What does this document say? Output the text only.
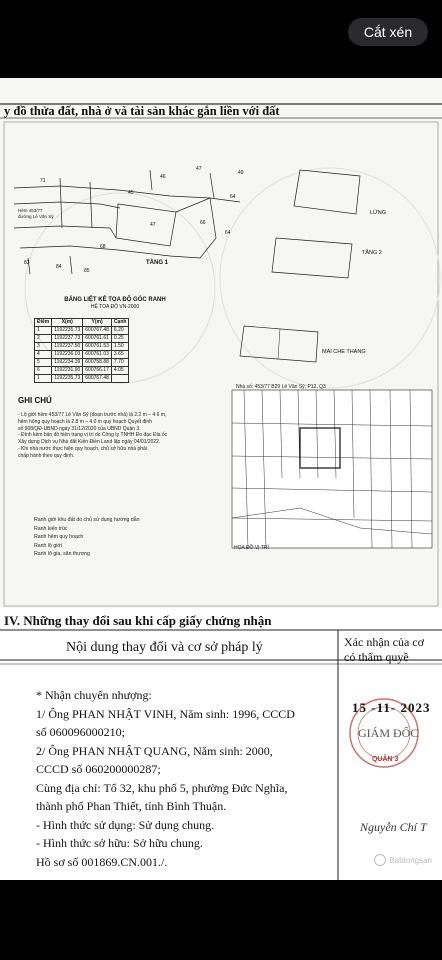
Cắt xén
71
45
46
47
49
47
68
66
64
83
84
85
64
Hẻm 453/77
đường Lê Văn Sỹ
TẦNG 1
LỬNG
TẦNG 2
MÁI CHE THANG
y đồ thửa đất, nhà ở và tài sản khác gắn liền với đất
BẢNG LIỆT KÊ TỌA ĐỘ GÓC RANH
HỆ TỌA ĐỘ VN-2000
Điểm	X(m)	Y(m)	Cạnh
1	1192235.73	600767.48	6.20
2	1192237.73	600761.61	0.25
3	1192237.50	600761.53	1.50
4	1192236.03	600761.03	3.65
5	1192234.39	600758.88	7.70
6	1192231.90	600766.17	4.05
1	1192235.73	600767.48	
GHI CHÚ
- Lộ giới hẻm 453/77 Lê Văn Sỹ (đoạn trước nhà) là 2.2 m – 4.6 m,
hẻm hông quy hoạch là 2.8 m – 4.0 m quy hoạch Quyết định
số 908/QĐ-UBND ngày 31/12/2020 của UBND Quận 3.
- Đính kèm bản đồ hiện trạng vị trí do Công ty TNHH Đo đạc Địa ốc
Xây dựng Dịch vụ Nhà đất Kiến Điền Land lập ngày 04/01/2022.
- Khi nhà nước thực hiện quy hoạch, chủ sở hữu nhà phải
chấp hành theo quy định.
Ranh giới khu đất do chủ sử dụng hướng dẫn
Ranh kiến trúc
Ranh hẻm quy hoạch
Ranh lộ giới
Ranh lô gia, sân thượng
Nhà số: 453/77 B29 Lê Văn Sỹ, P12, Q3
HỌA ĐỒ VỊ TRÍ
IV. Những thay đổi sau khi cấp giấy chứng nhận
Nội dung thay đổi và cơ sở pháp lý	Xác nhận của cơ
có thẩm quyề
* Nhận chuyển nhượng:
1/ Ông PHAN NHẬT VINH, Năm sinh: 1996, CCCD
số 060096000210;
2/ Ông PHAN NHẬT QUANG, Năm sinh: 2000,
CCCD số 060200000287;
Cùng địa chỉ: Tổ 32, khu phố 5, phường Đức Nghĩa,
thành phố Phan Thiết, tỉnh Bình Thuận.
- Hình thức sử dụng: Sử dụng chung.
- Hình thức sở hữu: Sở hữu chung.
Hồ sơ số 001869.CN.001./.
15 -11- 2023
GIÁM ĐỐC
QUẬN 3
Nguyễn Chí T
Batdongsan
